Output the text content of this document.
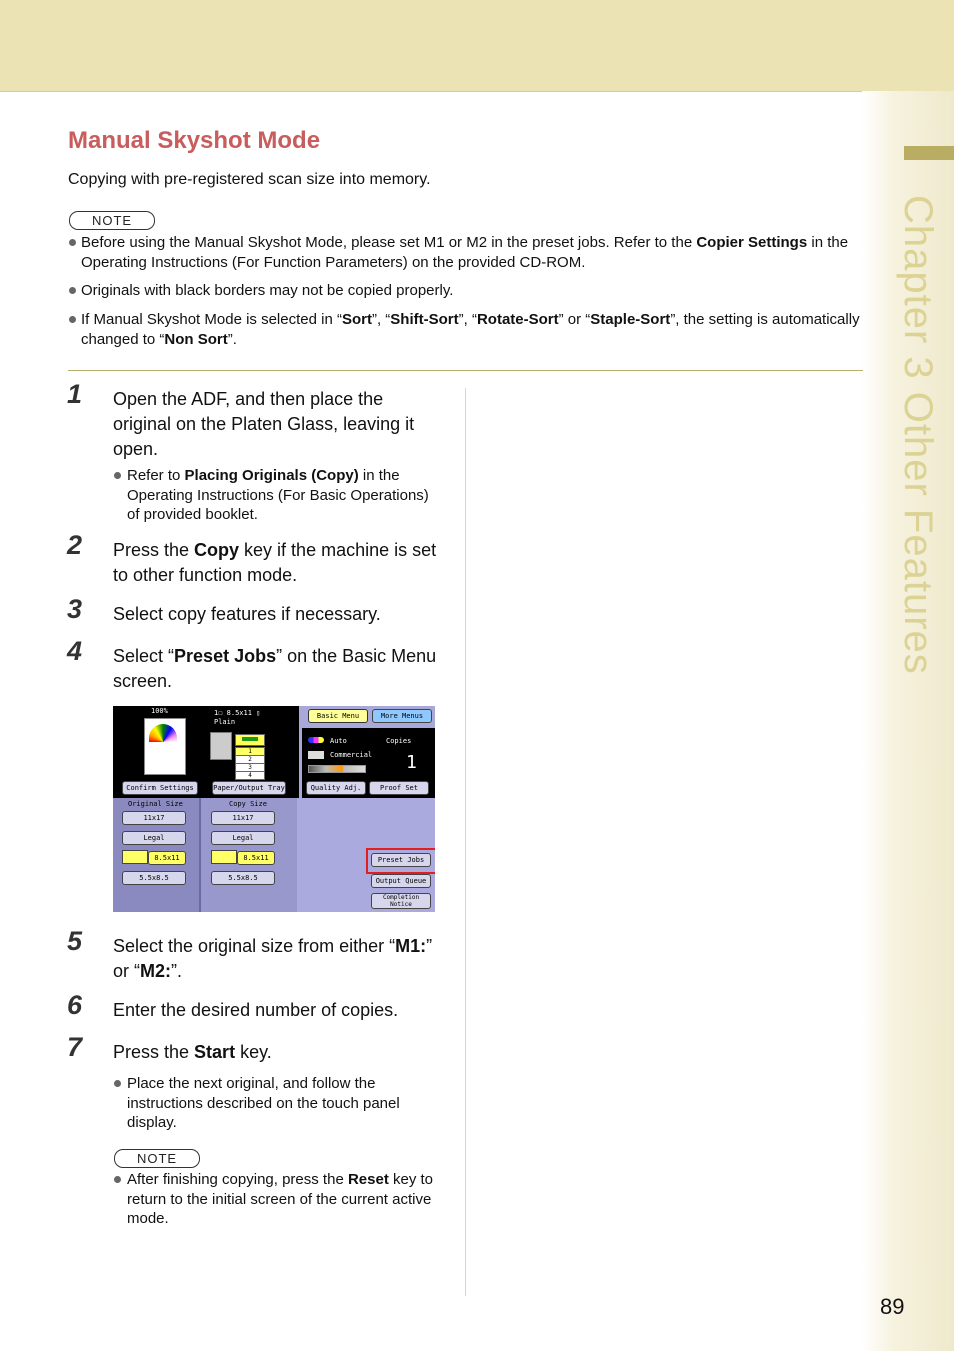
Chapter 3 Other Features
Manual Skyshot Mode
Copying with pre-registered scan size into memory.
NOTE
Before using the Manual Skyshot Mode, please set M1 or M2 in the preset jobs. Refer to the Copier Settings in the Operating Instructions (For Function Parameters) on the provided CD-ROM.
Originals with black borders may not be copied properly.
If Manual Skyshot Mode is selected in “Sort”, “Shift-Sort”, “Rotate-Sort” or “Staple-Sort”, the setting is automatically changed to “Non Sort”.
1 Open the ADF, and then place the original on the Platen Glass, leaving it open.
Refer to Placing Originals (Copy) in the Operating Instructions (For Basic Operations) of provided booklet.
2 Press the Copy key if the machine is set to other function mode.
3 Select copy features if necessary.
4 Select “Preset Jobs” on the Basic Menu screen.
100%	1☐ 8.5x11 ▯
Plain
1
2
3
4
Confirm Settings	Paper/Output Tray
Basic Menu	More Menus
Auto
Commercial
Copies
1
Quality Adj.	Proof Set
Original Size
11x17
Legal
8.5x11
5.5x8.5
Copy Size
11x17
Legal
8.5x11
5.5x8.5
Preset Jobs
Output Queue
Completion Notice
5 Select the original size from either “M1:” or “M2:”.
6 Enter the desired number of copies.
7 Press the Start key.
Place the next original, and follow the instructions described on the touch panel display.
NOTE
After finishing copying, press the Reset key to return to the initial screen of the current active mode.
89
